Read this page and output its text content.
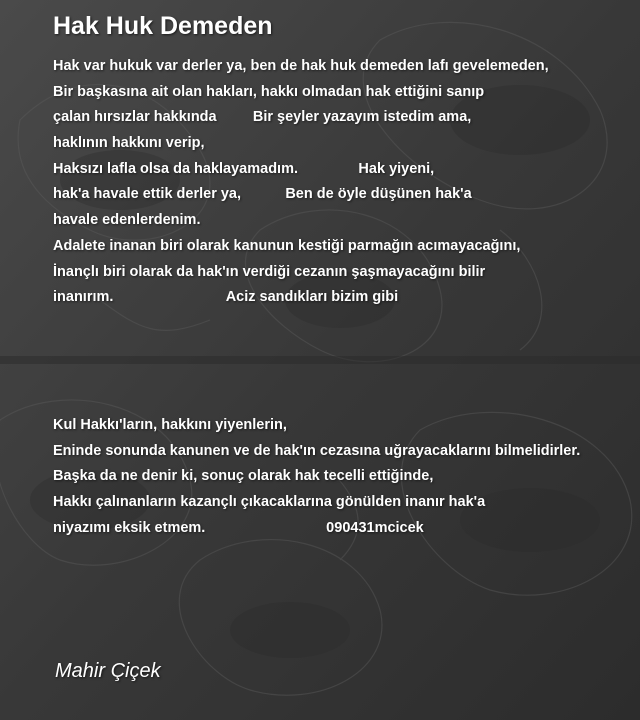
Hak Huk Demeden
Hak var hukuk var derler ya, ben de hak huk demeden lafı gevelemeden,
Bir başkasına ait olan hakları, hakkı olmadan hak ettiğini sanıp
çalan hırsızlar hakkında         Bir şeyler yazayım istedim ama,
haklının hakkını verip,
Haksızı lafla olsa da haklayamadım.               Hak yiyeni,
hak'a havale ettik derler ya,           Ben de öyle düşünen hak'a
havale edenlerdenim.
Adalete inanan biri olarak kanunun kestiği parmağın acımayacağını,
İnançlı biri olarak da hak'ın verdiği cezanın şaşmayacağını bilir
inanırım.                            Aciz sandıkları bizim gibi
Kul Hakkı'ların, hakkını yiyenlerin,
Eninde sonunda kanunen ve de hak'ın cezasına uğrayacaklarını bilmelidirler.
Başka da ne denir ki, sonuç olarak hak tecelli ettiğinde,
Hakkı çalınanların kazançlı çıkacaklarına gönülden inanır hak'a
niyazımı eksik etmem.                              090431mcicek
Mahir Çiçek
